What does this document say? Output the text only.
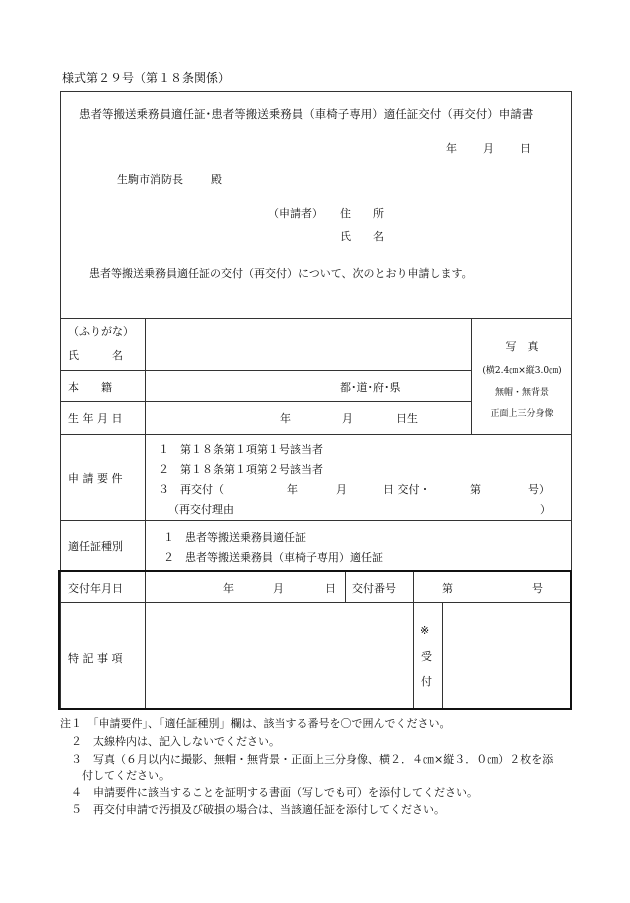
様式第２９号（第１８条関係）
患者等搬送乗務員適任証･患者等搬送乗務員（車椅子専用）適任証交付（再交付）申請書
年 月 日
生駒市消防長	殿
（申請者） 住　　所
氏　　名
患者等搬送乗務員適任証の交付（再交付）について、次のとおり申請します。
（ふりがな）
氏　　　名
写　真
(横2.4㎝×縦3.0㎝)
無帽・無背景
正面上三分身像
本　　籍	都･道･府･県
生 年 月 日	年	月	日生
申 請 要 件
１　第１８条第１項第１号該当者
２　第１８条第１項第２号該当者
３　再交付（	年	月	日 交付・	第	号）
（再交付理由	）
適任証種別
１　患者等搬送乗務員適任証
２　患者等搬送乗務員（車椅子専用）適任証
交付年月日	年	月	日 交付番号	第	号
特 記 事 項
※
受
付
注１　「申請要件」、「適任証種別」欄は、該当する番号を〇で囲んでください。
　２　太線枠内は、記入しないでください。
　３　写真（６月以内に撮影、無帽・無背景・正面上三分身像、横２．４㎝×縦３．０㎝）２枚を添
　　付してください。
　４　申請要件に該当することを証明する書面（写しでも可）を添付してください。
　５　再交付申請で汚損及び破損の場合は、当該適任証を添付してください。
